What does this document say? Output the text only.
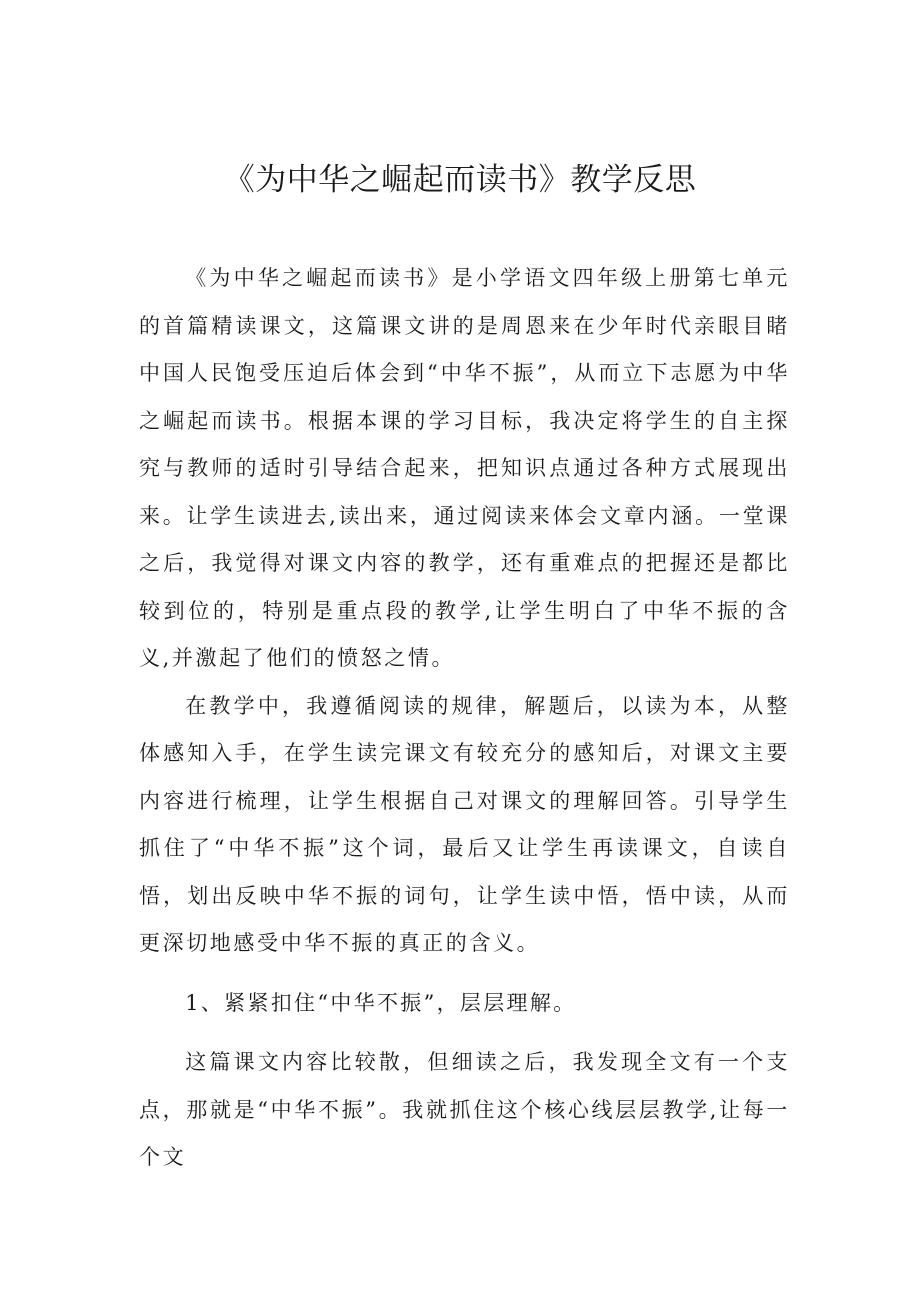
《为中华之崛起而读书》教学反思

《为中华之崛起而读书》是小学语文四年级上册第七单元的首篇精读课文，这篇课文讲的是周恩来在少年时代亲眼目睹中国人民饱受压迫后体会到“中华不振”，从而立下志愿为中华之崛起而读书。根据本课的学习目标，我决定将学生的自主探究与教师的适时引导结合起来，把知识点通过各种方式展现出来。让学生读进去,读出来，通过阅读来体会文章内涵。一堂课之后，我觉得对课文内容的教学，还有重难点的把握还是都比较到位的，特别是重点段的教学,让学生明白了中华不振的含义,并激起了他们的愤怒之情。

在教学中，我遵循阅读的规律，解题后，以读为本，从整体感知入手，在学生读完课文有较充分的感知后，对课文主要内容进行梳理，让学生根据自己对课文的理解回答。引导学生抓住了“中华不振”这个词，最后又让学生再读课文，自读自悟，划出反映中华不振的词句，让学生读中悟，悟中读，从而更深切地感受中华不振的真正的含义。

1、紧紧扣住“中华不振”，层层理解。

这篇课文内容比较散，但细读之后，我发现全文有一个支点，那就是“中华不振”。我就抓住这个核心线层层教学,让每一个文
